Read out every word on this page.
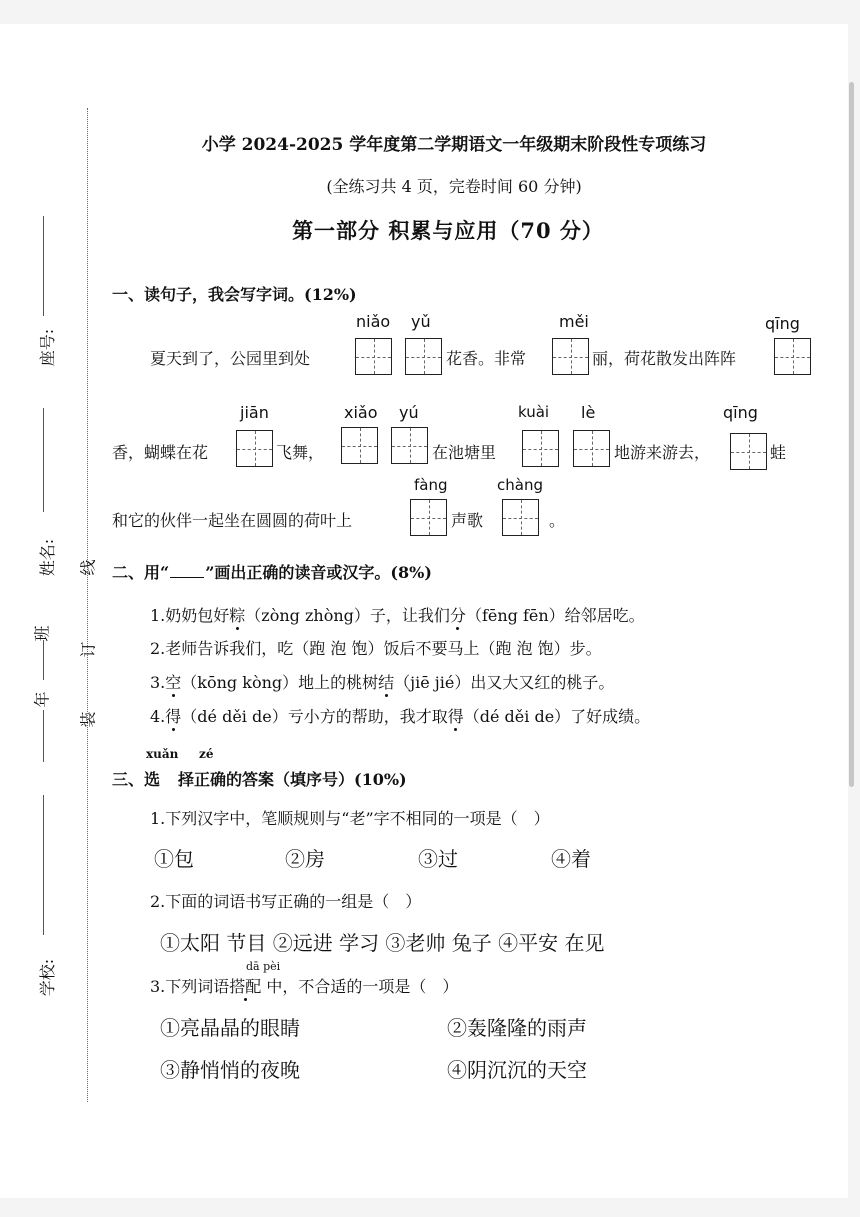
座号:
姓名:
班
年
学校:
线
订
装
小学 2024-2025 学年度第二学期语文一年级期末阶段性专项练习
(全练习共 4 页，完卷时间 60 分钟)
第一部分 积累与应用（70 分）
一、读句子，我会写字词。(12%)
niǎo yǔ	měi	qīng
夏天到了，公园里到处	花香。非常	丽，荷花散发出阵阵
jiān	xiǎo yú	kuài lè	qīng
香，蝴蝶在花	飞舞，	在池塘里	地游来游去，	蛙
fàng	chàng
和它的伙伴一起坐在圆圆的荷叶上	声歌	。
二、用“ ”画出正确的读音或汉字。(8%)
1.奶奶包好粽（zòng zhòng）子，让我们分（fēng fēn）给邻居吃。
2.老师告诉我们，吃（跑 泡 饱）饭后不要马上（跑 泡 饱）步。
3.空（kōng kòng）地上的桃树结（jiē jié）出又大又红的桃子。
4.得（dé děi de）亏小方的帮助，我才取得（dé děi de）了好成绩。
xuǎn zé
三、选 择正确的答案（填序号）(10%)
1.下列汉字中，笔顺规则与“老”字不相同的一项是（　）
①包	②房	③过	④着
2.下面的词语书写正确的一组是（　）
①太阳 节目 ②远进 学习 ③老帅 兔子 ④平安 在见
dā pèi
3.下列词语搭配 中，不合适的一项是（　）
①亮晶晶的眼睛	②轰隆隆的雨声
③静悄悄的夜晚	④阴沉沉的天空
